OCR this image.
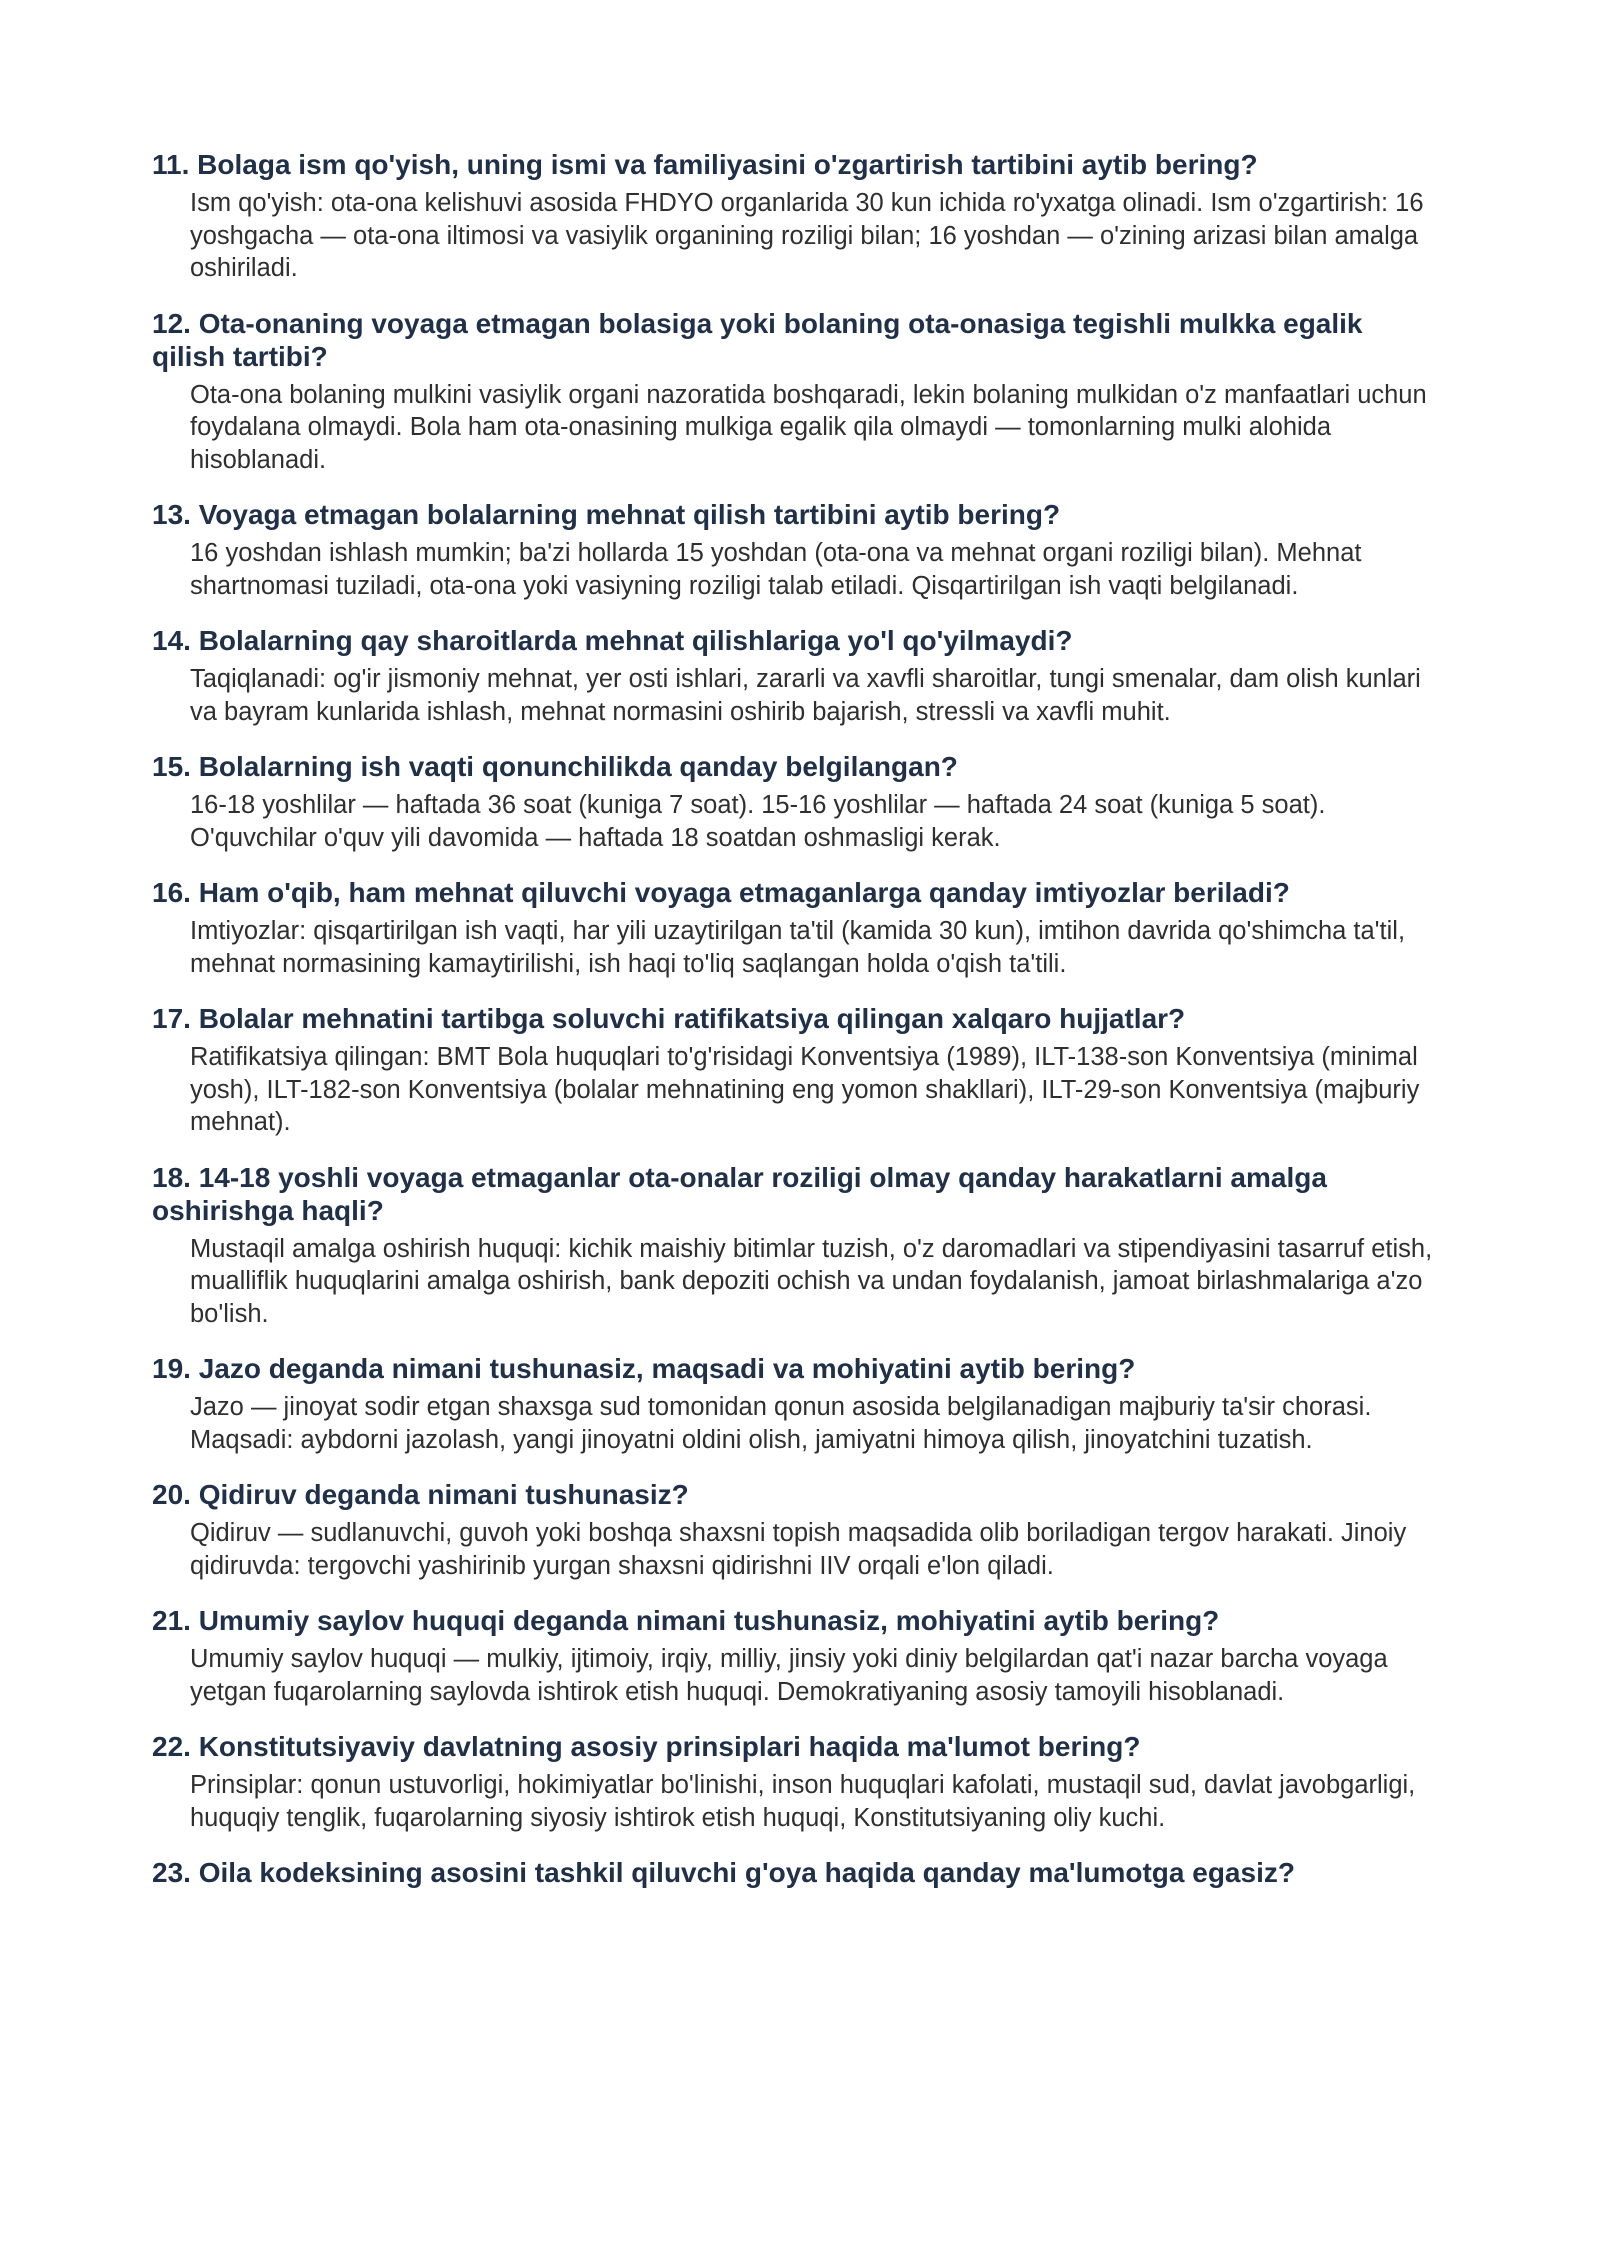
11. Bolaga ism qo'yish, uning ismi va familiyasini o'zgartirish tartibini aytib bering?
Ism qo'yish: ota-ona kelishuvi asosida FHDYO organlarida 30 kun ichida ro'yxatga olinadi. Ism o'zgartirish: 16 yoshgacha — ota-ona iltimosi va vasiylik organining roziligi bilan; 16 yoshdan — o'zining arizasi bilan amalga oshiriladi.
12. Ota-onaning voyaga etmagan bolasiga yoki bolaning ota-onasiga tegishli mulkka egalik qilish tartibi?
Ota-ona bolaning mulkini vasiylik organi nazoratida boshqaradi, lekin bolaning mulkidan o'z manfaatlari uchun foydalana olmaydi. Bola ham ota-onasining mulkiga egalik qila olmaydi — tomonlarning mulki alohida hisoblanadi.
13. Voyaga etmagan bolalarning mehnat qilish tartibini aytib bering?
16 yoshdan ishlash mumkin; ba'zi hollarda 15 yoshdan (ota-ona va mehnat organi roziligi bilan). Mehnat shartnomasi tuziladi, ota-ona yoki vasiyning roziligi talab etiladi. Qisqartirilgan ish vaqti belgilanadi.
14. Bolalarning qay sharoitlarda mehnat qilishlariga yo'l qo'yilmaydi?
Taqiqlanadi: og'ir jismoniy mehnat, yer osti ishlari, zararli va xavfli sharoitlar, tungi smenalar, dam olish kunlari va bayram kunlarida ishlash, mehnat normasini oshirib bajarish, stressli va xavfli muhit.
15. Bolalarning ish vaqti qonunchilikda qanday belgilangan?
16-18 yoshlilar — haftada 36 soat (kuniga 7 soat). 15-16 yoshlilar — haftada 24 soat (kuniga 5 soat). O'quvchilar o'quv yili davomida — haftada 18 soatdan oshmasligi kerak.
16. Ham o'qib, ham mehnat qiluvchi voyaga etmaganlarga qanday imtiyozlar beriladi?
Imtiyozlar: qisqartirilgan ish vaqti, har yili uzaytirilgan ta'til (kamida 30 kun), imtihon davrida qo'shimcha ta'til, mehnat normasining kamaytirilishi, ish haqi to'liq saqlangan holda o'qish ta'tili.
17. Bolalar mehnatini tartibga soluvchi ratifikatsiya qilingan xalqaro hujjatlar?
Ratifikatsiya qilingan: BMT Bola huquqlari to'g'risidagi Konventsiya (1989), ILT-138-son Konventsiya (minimal yosh), ILT-182-son Konventsiya (bolalar mehnatining eng yomon shakllari), ILT-29-son Konventsiya (majburiy mehnat).
18. 14-18 yoshli voyaga etmaganlar ota-onalar roziligi olmay qanday harakatlarni amalga oshirishga haqli?
Mustaqil amalga oshirish huquqi: kichik maishiy bitimlar tuzish, o'z daromadlari va stipendiyasini tasarruf etish, mualliflik huquqlarini amalga oshirish, bank depoziti ochish va undan foydalanish, jamoat birlashmalariga a'zo bo'lish.
19. Jazo deganda nimani tushunasiz, maqsadi va mohiyatini aytib bering?
Jazo — jinoyat sodir etgan shaxsga sud tomonidan qonun asosida belgilanadigan majburiy ta'sir chorasi. Maqsadi: aybdorni jazolash, yangi jinoyatni oldini olish, jamiyatni himoya qilish, jinoyatchini tuzatish.
20. Qidiruv deganda nimani tushunasiz?
Qidiruv — sudlanuvchi, guvoh yoki boshqa shaxsni topish maqsadida olib boriladigan tergov harakati. Jinoiy qidiruvda: tergovchi yashirinib yurgan shaxsni qidirishni IIV orqali e'lon qiladi.
21. Umumiy saylov huquqi deganda nimani tushunasiz, mohiyatini aytib bering?
Umumiy saylov huquqi — mulkiy, ijtimoiy, irqiy, milliy, jinsiy yoki diniy belgilardan qat'i nazar barcha voyaga yetgan fuqarolarning saylovda ishtirok etish huquqi. Demokratiyaning asosiy tamoyili hisoblanadi.
22. Konstitutsiyaviy davlatning asosiy prinsiplari haqida ma'lumot bering?
Prinsiplar: qonun ustuvorligi, hokimiyatlar bo'linishi, inson huquqlari kafolati, mustaqil sud, davlat javobgarligi, huquqiy tenglik, fuqarolarning siyosiy ishtirok etish huquqi, Konstitutsiyaning oliy kuchi.
23. Oila kodeksining asosini tashkil qiluvchi g'oya haqida qanday ma'lumotga egasiz?
